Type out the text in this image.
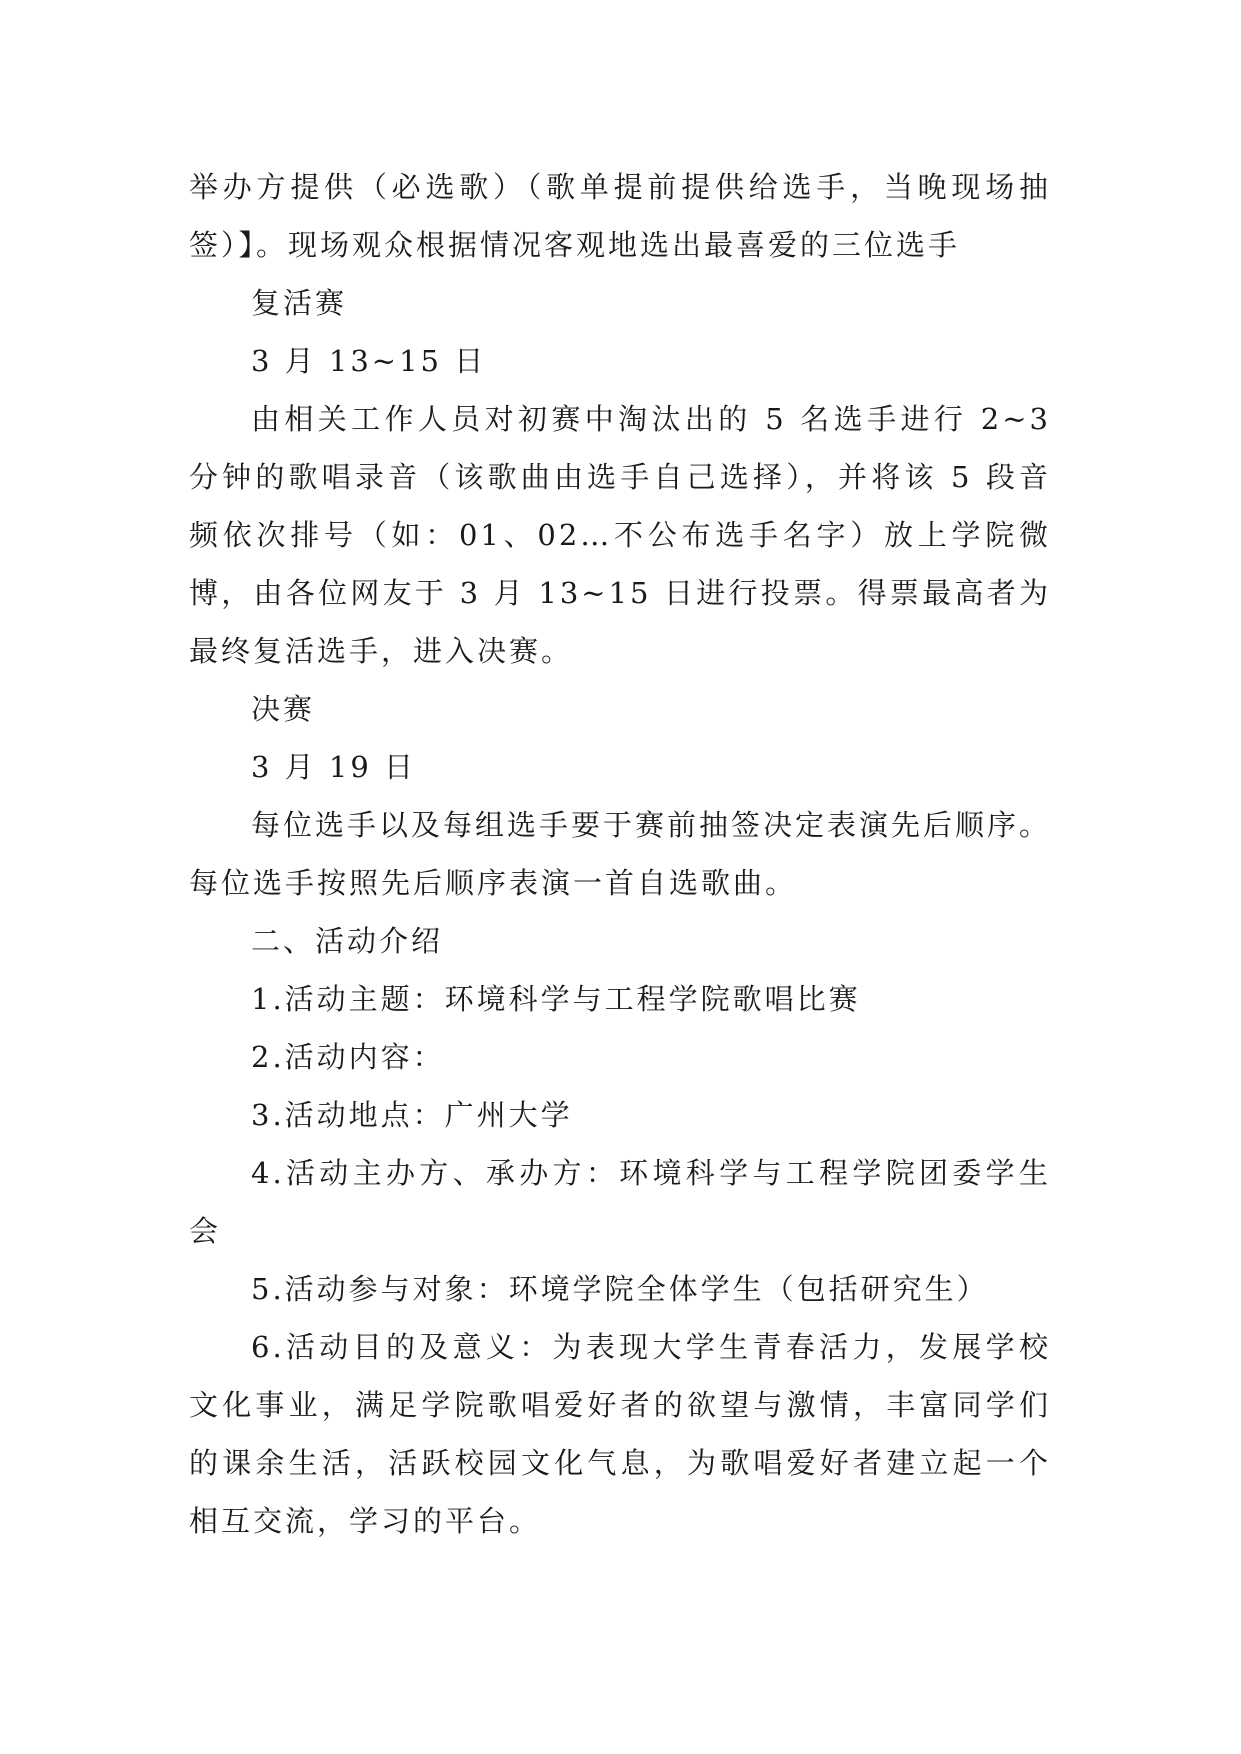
举办方提供（必选歌）（歌单提前提供给选手，当晚现场抽签）】。现场观众根据情况客观地选出最喜爱的三位选手

复活赛

3 月 13~15 日

由相关工作人员对初赛中淘汰出的 5 名选手进行 2~3 分钟的歌唱录音（该歌曲由选手自己选择），并将该 5 段音频依次排号（如：01、02…不公布选手名字）放上学院微博，由各位网友于 3 月 13~15 日进行投票。得票最高者为最终复活选手，进入决赛。

决赛

3 月 19 日

每位选手以及每组选手要于赛前抽签决定表演先后顺序。每位选手按照先后顺序表演一首自选歌曲。

二、活动介绍

1.活动主题：环境科学与工程学院歌唱比赛

2.活动内容：

3.活动地点：广州大学

4.活动主办方、承办方：环境科学与工程学院团委学生会

5.活动参与对象：环境学院全体学生（包括研究生）

6.活动目的及意义：为表现大学生青春活力，发展学校文化事业，满足学院歌唱爱好者的欲望与激情，丰富同学们的课余生活，活跃校园文化气息，为歌唱爱好者建立起一个相互交流，学习的平台。
